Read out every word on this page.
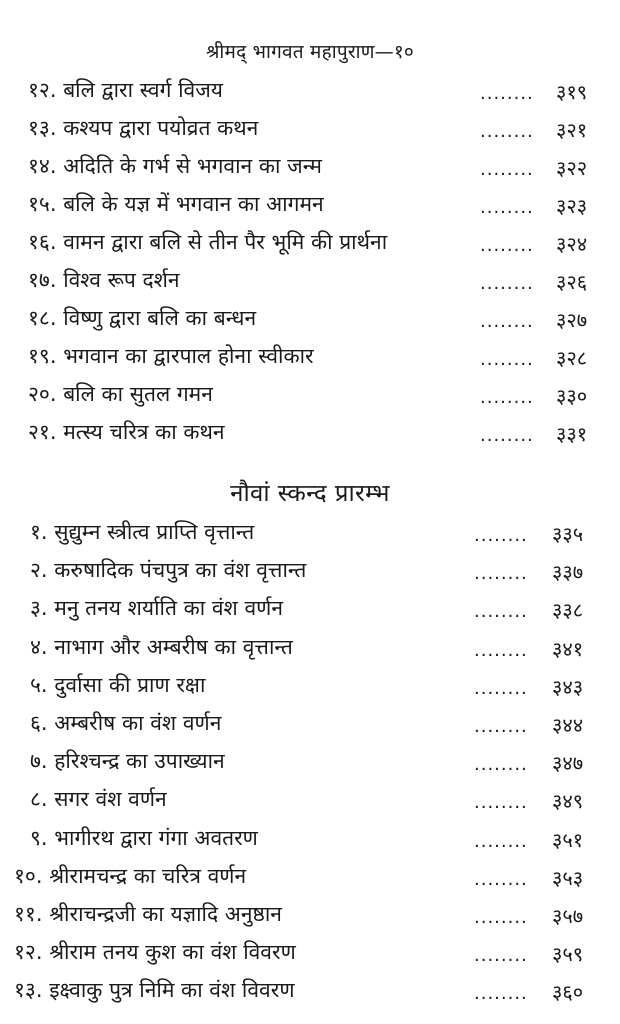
श्रीमद् भागवत महापुराण—१०
१२. बलि द्वारा स्वर्ग विजय	........ ३१९
१३. कश्यप द्वारा पयोव्रत कथन	........ ३२१
१४. अदिति के गर्भ से भगवान का जन्म	........ ३२२
१५. बलि के यज्ञ में भगवान का आगमन	........ ३२३
१६. वामन द्वारा बलि से तीन पैर भूमि की प्रार्थना	........ ३२४
१७. विश्व रूप दर्शन	........ ३२६
१८. विष्णु द्वारा बलि का बन्धन	........ ३२७
१९. भगवान का द्वारपाल होना स्वीकार	........ ३२८
२०. बलि का सुतल गमन	........ ३३०
२१. मत्स्य चरित्र का कथन	........ ३३१
नौवां स्कन्द प्रारम्भ
१. सुद्युम्न स्त्रीत्व प्राप्ति वृत्तान्त	........ ३३५
२. करुषादिक पंचपुत्र का वंश वृत्तान्त	........ ३३७
३. मनु तनय शर्याति का वंश वर्णन	........ ३३८
४. नाभाग और अम्बरीष का वृत्तान्त	........ ३४१
५. दुर्वासा की प्राण रक्षा	........ ३४३
६. अम्बरीष का वंश वर्णन	........ ३४४
७. हरिश्चन्द्र का उपाख्यान	........ ३४७
८. सगर वंश वर्णन	........ ३४९
९. भागीरथ द्वारा गंगा अवतरण	........ ३५१
१०. श्रीरामचन्द्र का चरित्र वर्णन	........ ३५३
११. श्रीराचन्द्रजी का यज्ञादि अनुष्ठान	........ ३५७
१२. श्रीराम तनय कुश का वंश विवरण	........ ३५९
१३. इक्ष्वाकु पुत्र निमि का वंश विवरण	........ ३६०
